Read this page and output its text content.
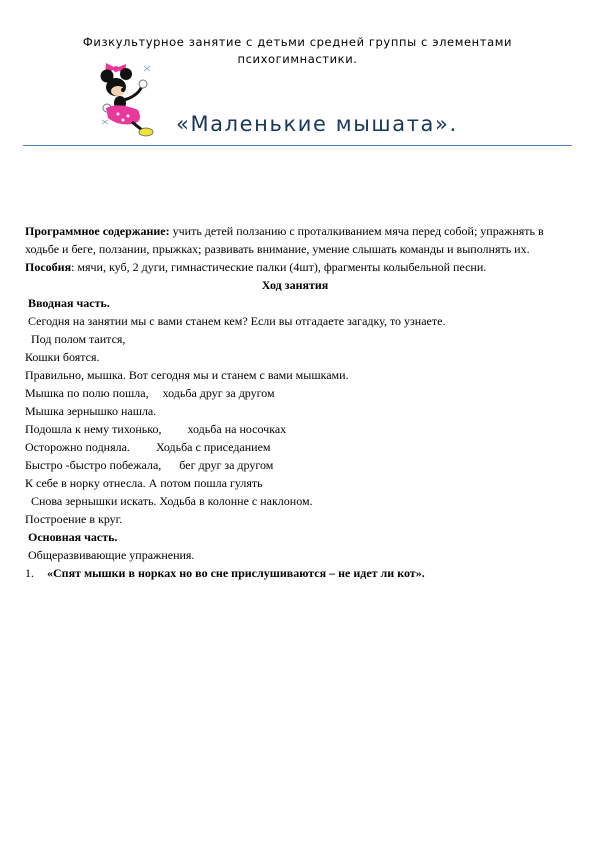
Физкультурное занятие с детьми средней группы с элементами
психогимнастики.
«Маленькие мышата».

Программное содержание: учить детей ползанию с проталкиванием мяча перед собой; упражнять в ходьбе и беге, ползании, прыжках; развивать внимание, умение слышать команды и выполнять их.

Пособия: мячи, куб, 2 дуги, гимнастические палки (4шт), фрагменты колыбельной песни.

Ход занятия

Вводная часть.

Сегодня на занятии мы с вами станем кем? Если вы отгадаете загадку, то узнаете.

Под полом таится,

Кошки боятся.

Правильно, мышка. Вот сегодня мы и станем с вами мышками.

Мышка по полю пошла, ходьба друг за другом

Мышка зернышко нашла.

Подошла к нему тихонько, ходьба на носочках

Осторожно подняла. Ходьба с приседанием

Быстро -быстро побежала, бег друг за другом

К себе в норку отнесла. А потом пошла гулять

Снова зернышки искать. Ходьба в колонне с наклоном.

Построение в круг.

Основная часть.

Общеразвивающие упражнения.

1. «Спят мышки в норках но во сне прислушиваются – не идет ли кот».
